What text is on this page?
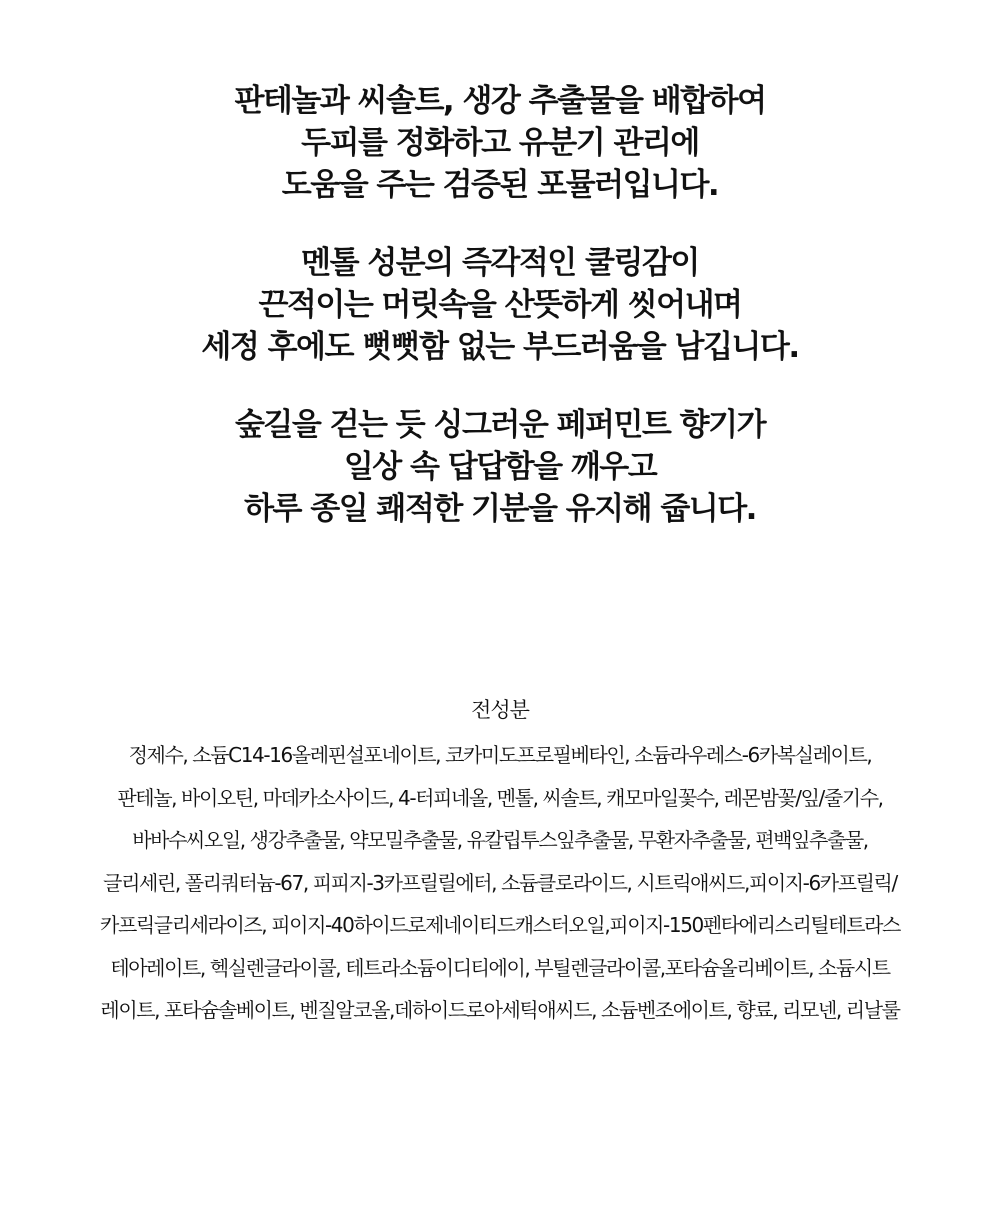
판테놀과 씨솔트, 생강 추출물을 배합하여
두피를 정화하고 유분기 관리에
도움을 주는 검증된 포뮬러입니다.

멘톨 성분의 즉각적인 쿨링감이
끈적이는 머릿속을 산뜻하게 씻어내며
세정 후에도 뻣뻣함 없는 부드러움을 남깁니다.

숲길을 걷는 듯 싱그러운 페퍼민트 향기가
일상 속 답답함을 깨우고
하루 종일 쾌적한 기분을 유지해 줍니다.

전성분
정제수, 소듐C14-16올레핀설포네이트, 코카미도프로필베타인, 소듐라우레스-6카복실레이트,
판테놀, 바이오틴, 마데카소사이드, 4-터피네올, 멘톨, 씨솔트, 캐모마일꽃수, 레몬밤꽃/잎/줄기수,
바바수씨오일, 생강추출물, 약모밀추출물, 유칼립투스잎추출물, 무환자추출물, 편백잎추출물,
글리세린, 폴리쿼터늄-67, 피피지-3카프릴릴에터, 소듐클로라이드, 시트릭애씨드,피이지-6카프릴릭/
카프릭글리세라이즈, 피이지-40하이드로제네이티드캐스터오일,피이지-150펜타에리스리틸테트라스
테아레이트, 헥실렌글라이콜, 테트라소듐이디티에이, 부틸렌글라이콜,포타슘올리베이트, 소듐시트
레이트, 포타슘솔베이트, 벤질알코올,데하이드로아세틱애씨드, 소듐벤조에이트, 향료, 리모넨, 리날룰
